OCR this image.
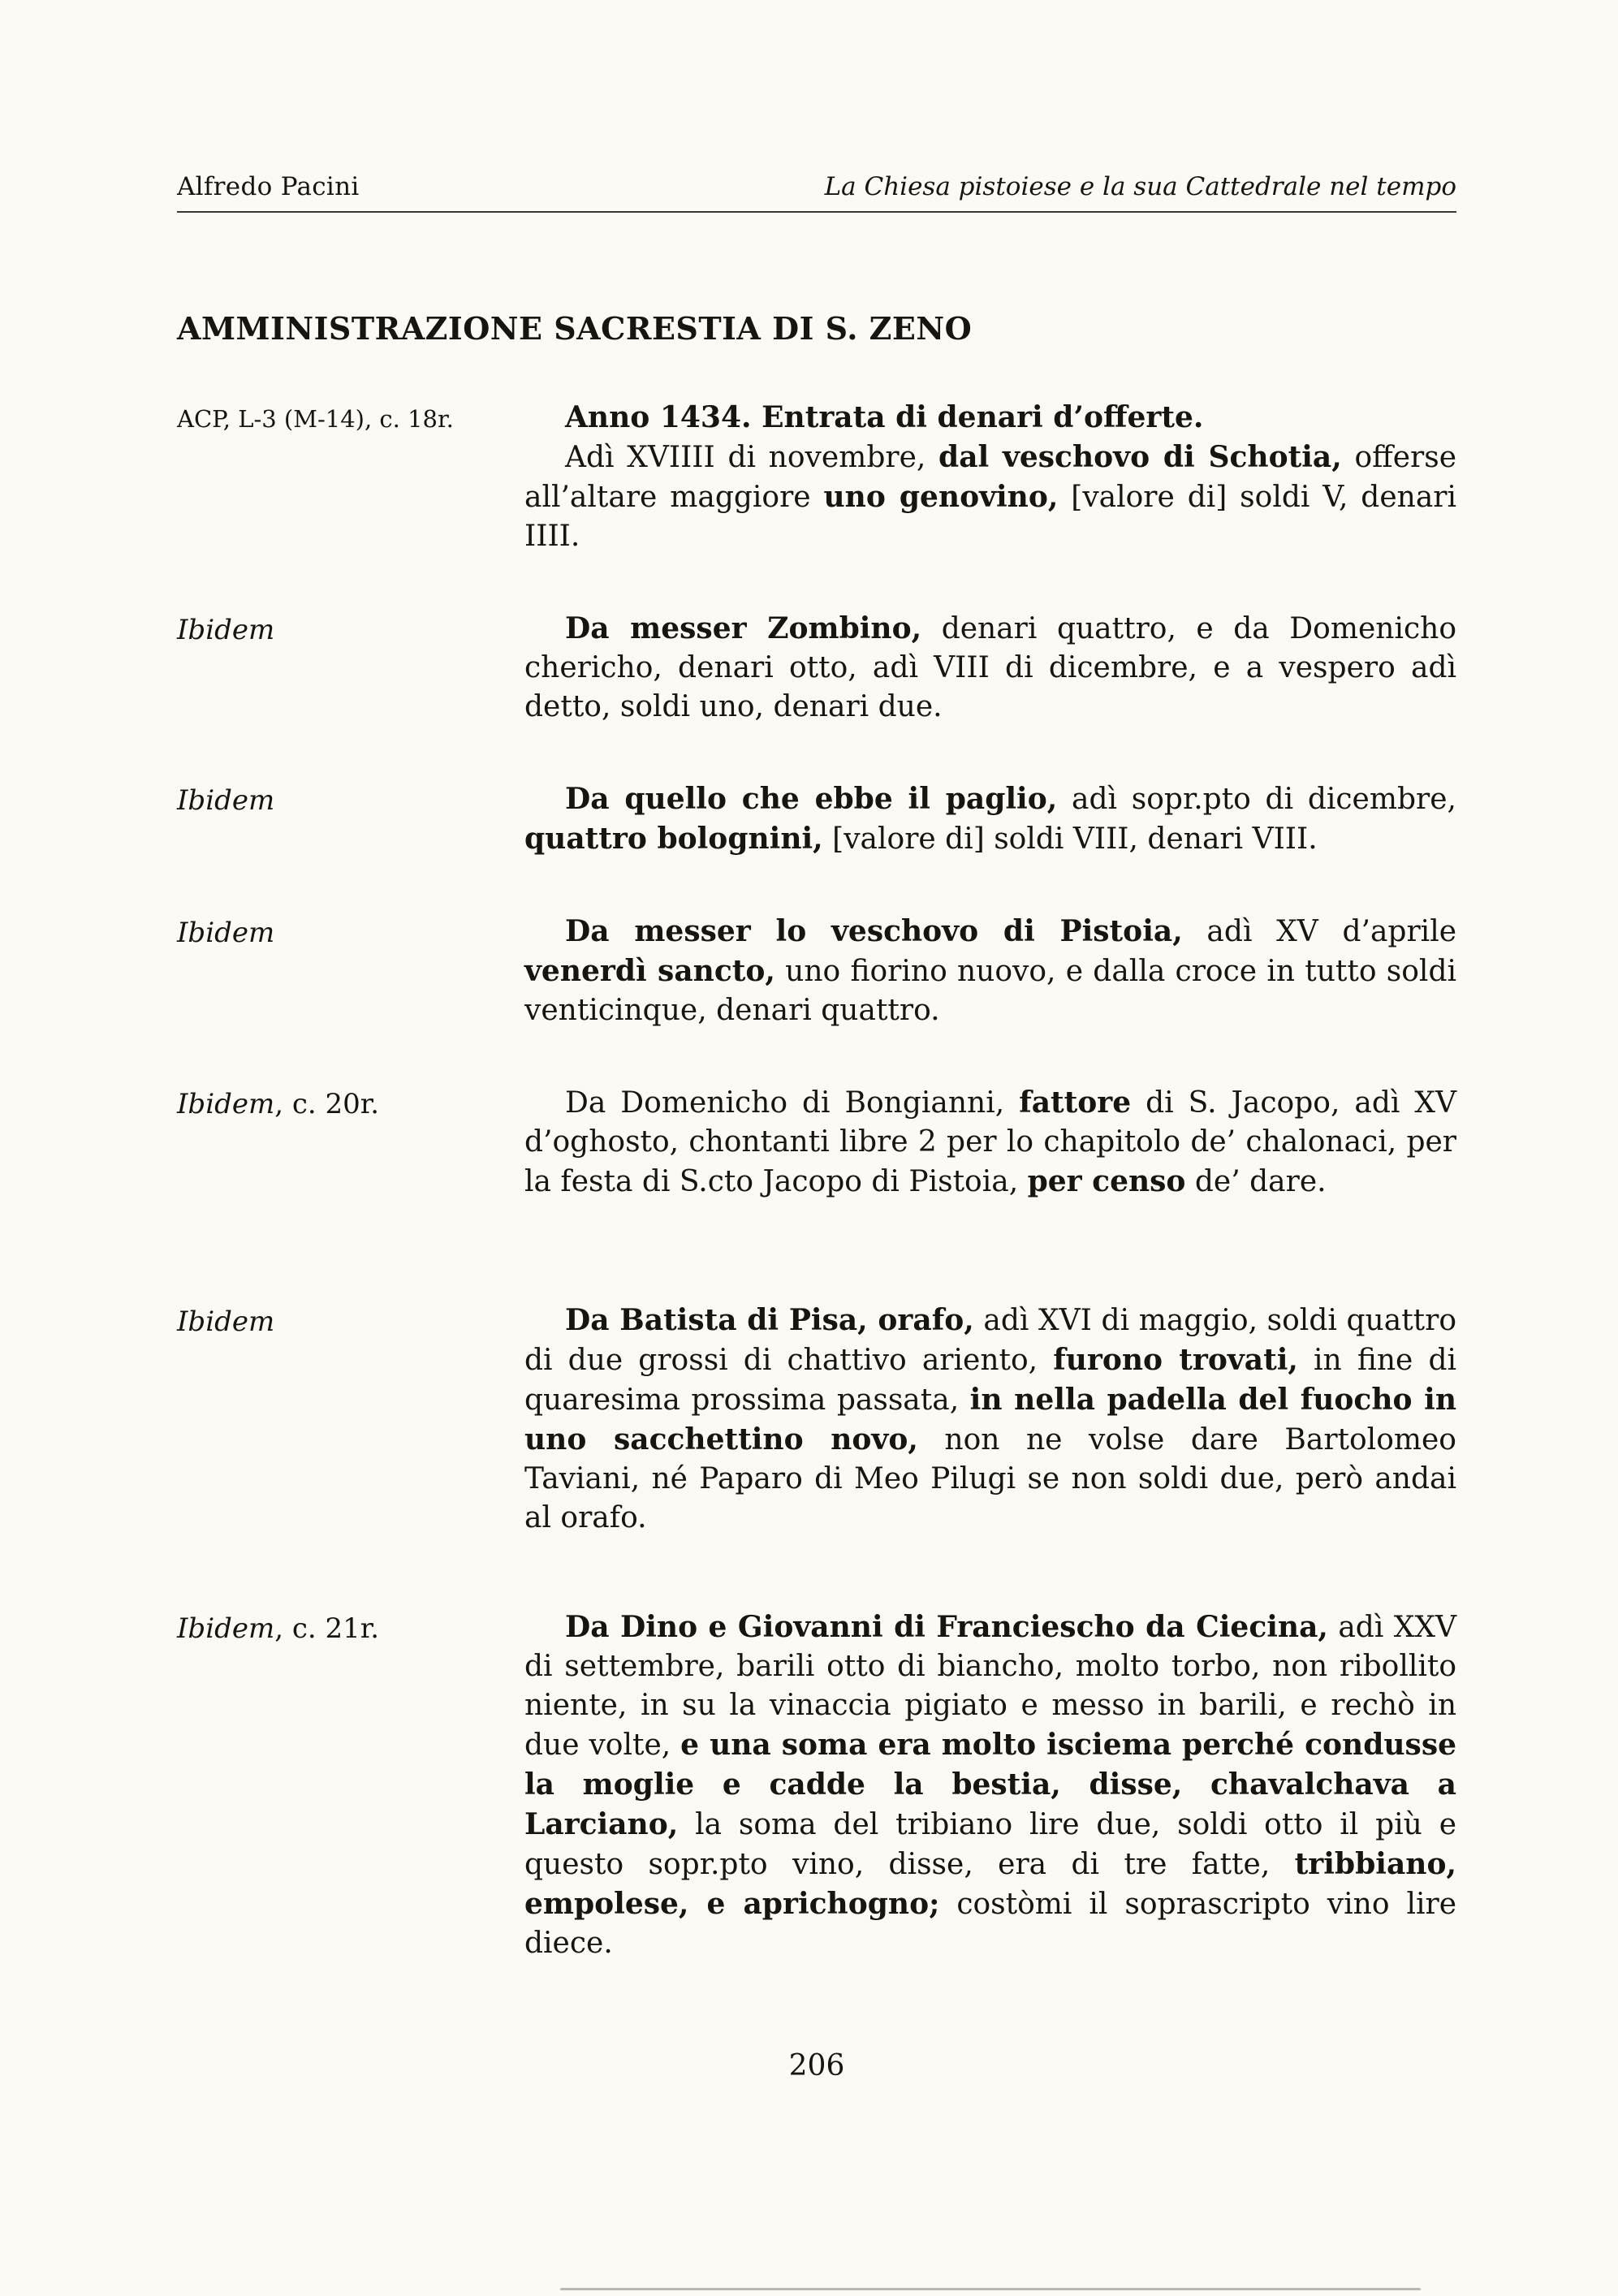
Alfredo Pacini	La Chiesa pistoiese e la sua Cattedrale nel tempo
AMMINISTRAZIONE SACRESTIA DI S. ZENO
ACP, L-3 (M-14), c. 18r.	Anno 1434. Entrata di denari d’offerte.

Adì XVIIII di novembre, dal veschovo di Schotia, offerse all’altare maggiore uno genovino, [valore di] soldi V, denari IIII.

Ibidem	Da messer Zombino, denari quattro, e da Domenicho chericho, denari otto, adì VIII di dicembre, e a vespero adì detto, soldi uno, denari due.

Ibidem	Da quello che ebbe il paglio, adì sopr.pto di dicembre, quattro bolognini, [valore di] soldi VIII, denari VIII.

Ibidem	Da messer lo veschovo di Pistoia, adì XV d’aprile venerdì sancto, uno fiorino nuovo, e dalla croce in tutto soldi venticinque, denari quattro.

Ibidem, c. 20r.	Da Domenicho di Bongianni, fattore di S. Jacopo, adì XV d’oghosto, chontanti libre 2 per lo chapitolo de’ chalonaci, per la festa di S.cto Jacopo di Pistoia, per censo de’ dare.

Ibidem	Da Batista di Pisa, orafo, adì XVI di maggio, soldi quattro di due grossi di chattivo ariento, furono trovati, in fine di quaresima prossima passata, in nella padella del fuocho in uno sacchettino novo, non ne volse dare Bartolomeo Taviani, né Paparo di Meo Pilugi se non soldi due, però andai al orafo.

Ibidem, c. 21r.	Da Dino e Giovanni di Franciescho da Ciecina, adì XXV di settembre, barili otto di biancho, molto torbo, non ribollito niente, in su la vinaccia pigiato e messo in barili, e rechò in due volte, e una soma era molto isciema perché condusse la moglie e cadde la bestia, disse, chavalchava a Larciano, la soma del tribiano lire due, soldi otto il più e questo sopr.pto vino, disse, era di tre fatte, tribbiano, empolese, e aprichogno; costòmi il soprascripto vino lire diece.

206
